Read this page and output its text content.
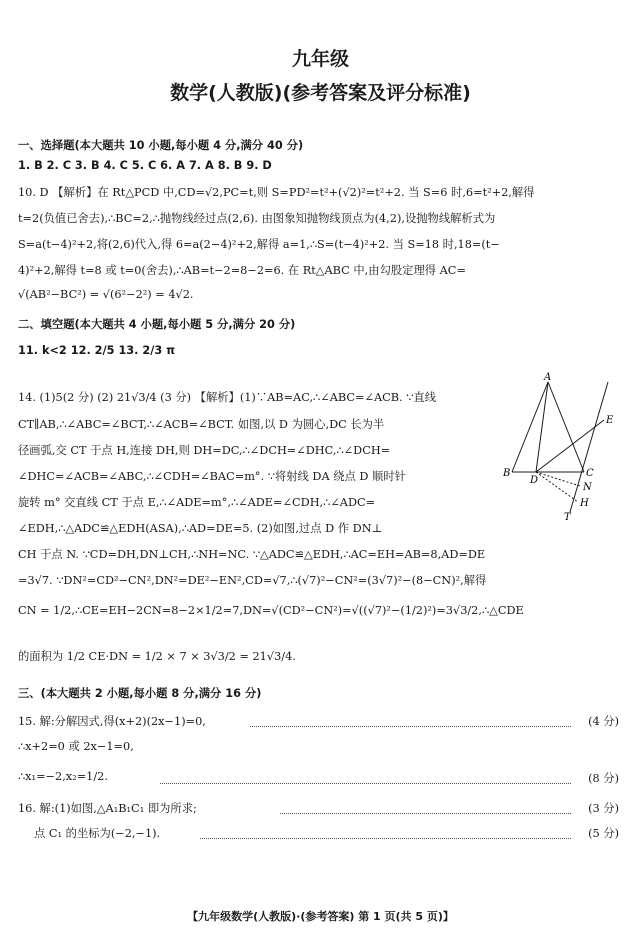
九年级
数学(人教版)(参考答案及评分标准)
一、选择题(本大题共 10 小题,每小题 4 分,满分 40 分)
1. B 2. C 3. B 4. C 5. C 6. A 7. A 8. B 9. D
10. D 【解析】在 Rt△PCD 中,CD=√2,PC=t,则 S=PD²=t²+(√2)²=t²+2. 当 S=6 时,6=t²+2,解得
t=2(负值已舍去),∴BC=2,∴抛物线经过点(2,6). 由图象知抛物线顶点为(4,2),设抛物线解析式为
S=a(t−4)²+2,将(2,6)代入,得 6=a(2−4)²+2,解得 a=1,∴S=(t−4)²+2. 当 S=18 时,18=(t−
4)²+2,解得 t=8 或 t=0(舍去),∴AB=t−2=8−2=6. 在 Rt△ABC 中,由勾股定理得 AC=
√(AB²−BC²) = √(6²−2²) = 4√2.
二、填空题(本大题共 4 小题,每小题 5 分,满分 20 分)
11. k<2 12. 2/5 13. 2/3 π
14. (1)5(2 分) (2) 21√3/4 (3 分) 【解析】(1)∵AB=AC,∴∠ABC=∠ACB. ∵直线
CT∥AB,∴∠ABC=∠BCT,∴∠ACB=∠BCT. 如图,以 D 为圆心,DC 长为半
径画弧,交 CT 于点 H,连接 DH,则 DH=DC,∴∠DCH=∠DHC,∴∠DCH=
∠DHC=∠ACB=∠ABC,∴∠CDH=∠BAC=m°. ∵将射线 DA 绕点 D 顺时针
旋转 m° 交直线 CT 于点 E,∴∠ADE=m°,∴∠ADE=∠CDH,∴∠ADC=
∠EDH,∴△ADC≌△EDH(ASA),∴AD=DE=5. (2)如图,过点 D 作 DN⊥
CH 于点 N. ∵CD=DH,DN⊥CH,∴NH=NC. ∵△ADC≌△EDH,∴AC=EH=AB=8,AD=DE
=3√7. ∵DN²=CD²−CN²,DN²=DE²−EN²,CD=√7,∴(√7)²−CN²=(3√7)²−(8−CN)²,解得
CN = 1/2,∴CE=EH−2CN=8−2×1/2=7,DN=√(CD²−CN²)=√((√7)²−(1/2)²)=3√3/2,∴△CDE
的面积为 1/2 CE·DN = 1/2 × 7 × 3√3/2 = 21√3/4.
A
E
B
D
C
N
H
T
三、(本大题共 2 小题,每小题 8 分,满分 16 分)
15. 解:分解因式,得(x+2)(2x−1)=0,	(4 分)
∴x+2=0 或 2x−1=0,
∴x₁=−2,x₂=1/2.	(8 分)
16. 解:(1)如图,△A₁B₁C₁ 即为所求;	(3 分)
点 C₁ 的坐标为(−2,−1).	(5 分)
【九年级数学(人教版)·(参考答案) 第 1 页(共 5 页)】
